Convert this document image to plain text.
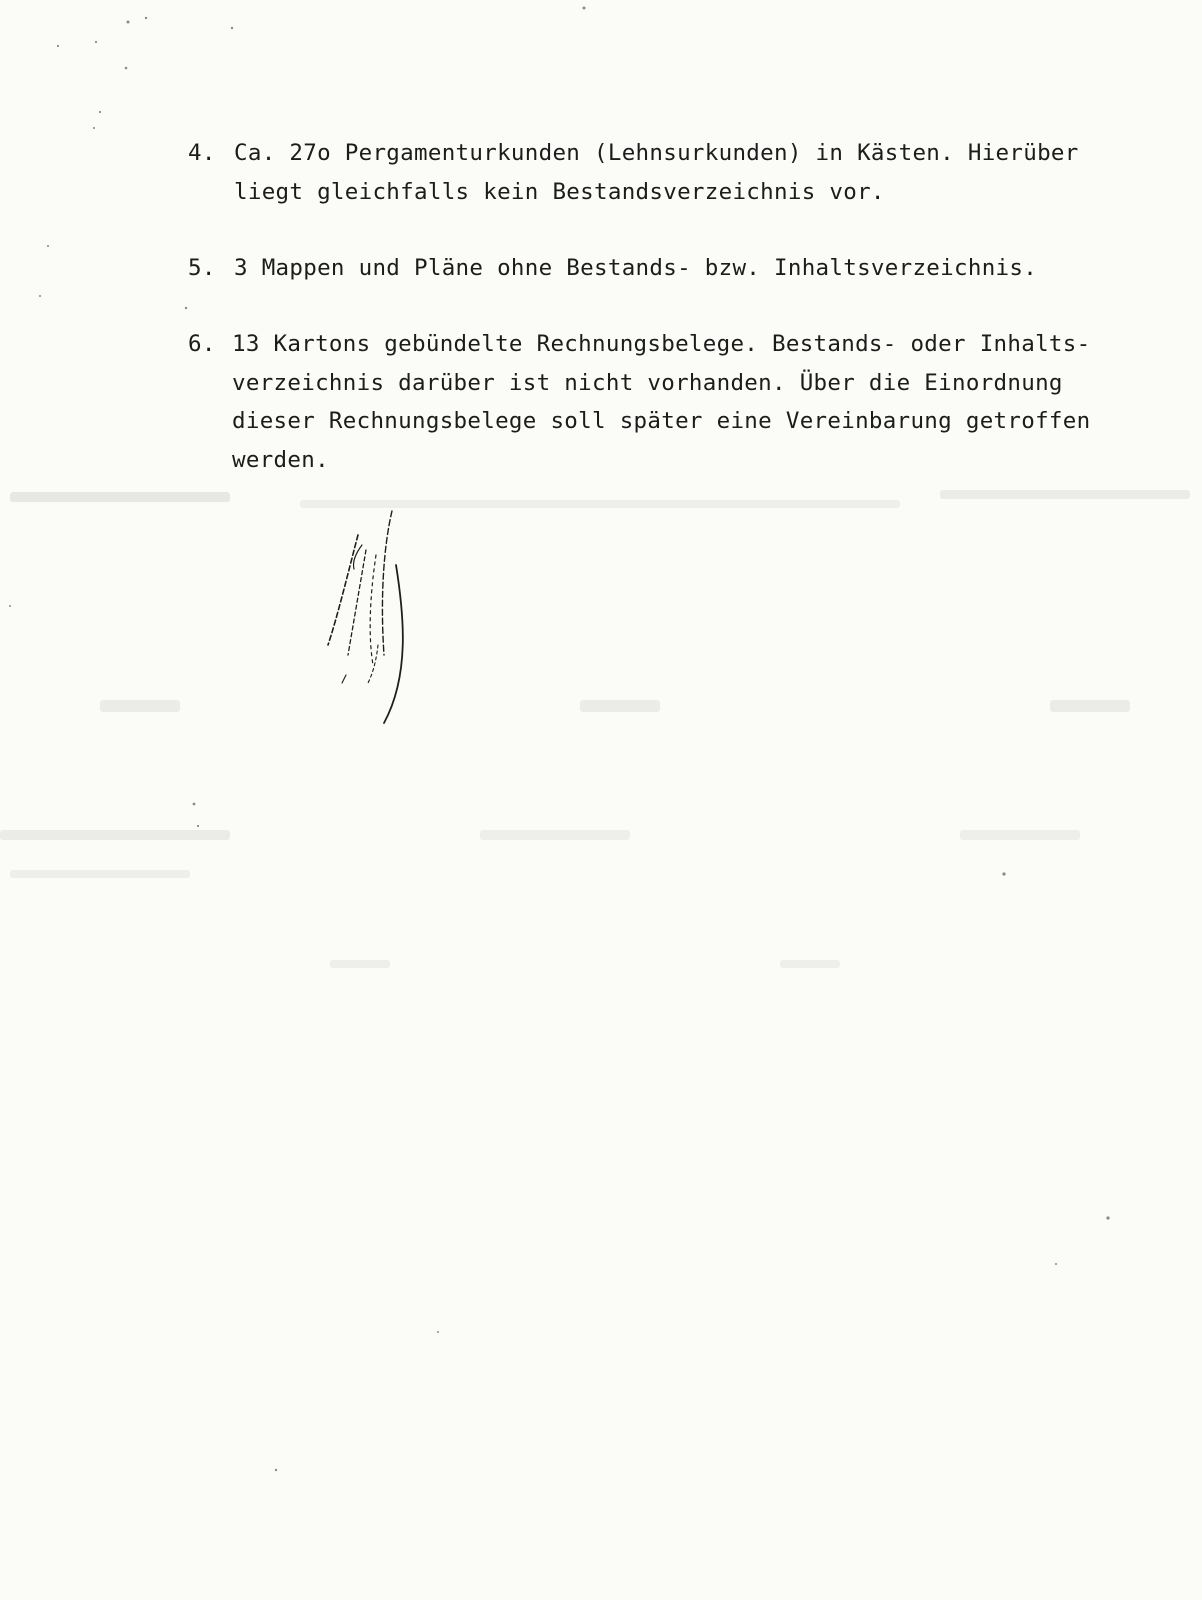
4. Ca. 27o Pergamenturkunden (Lehnsurkunden) in Kästen. Hierüber
liegt gleichfalls kein Bestandsverzeichnis vor.
5. 3 Mappen und Pläne ohne Bestands- bzw. Inhaltsverzeichnis.
6. 13 Kartons gebündelte Rechnungsbelege. Bestands- oder Inhalts-
verzeichnis darüber ist nicht vorhanden. Über die Einordnung
dieser Rechnungsbelege soll später eine Vereinbarung getroffen
werden.
